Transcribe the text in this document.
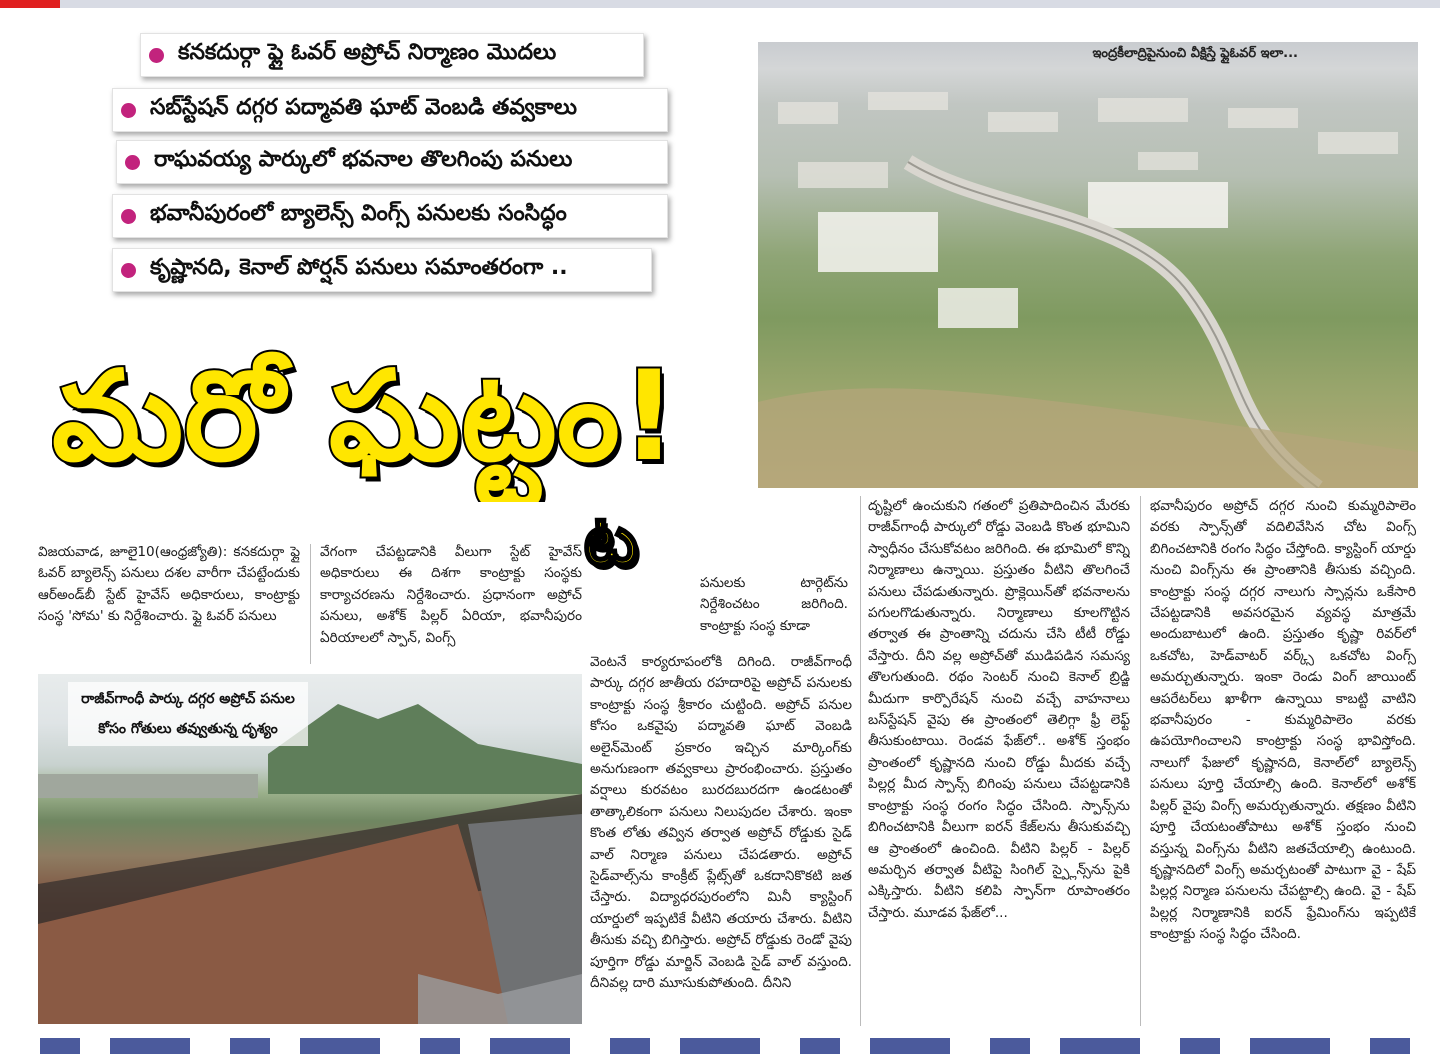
కనకదుర్గా ఫ్లై ఓవర్ అప్రోచ్ నిర్మాణం మొదలు
సబ్‌స్టేషన్ దగ్గర పద్మావతి ఘాట్ వెంబడి తవ్వకాలు
రాఘవయ్య పార్కులో భవనాల తొలగింపు పనులు
భవానీపురంలో బ్యాలెన్స్ వింగ్స్ పనులకు సంసిద్ధం
కృష్ణానది, కెనాల్ పోర్షన్ పనులు సమాంతరంగా ..
ఇంద్రకీలాద్రిపైనుంచి వీక్షిస్తే ఫ్లైఓవర్ ఇలా...
మరో ఘట్టం!
ట

విజయవాడ, జూలై10(ఆంధ్రజ్యోతి): కనకదుర్గా ఫ్లై ఓవర్ బ్యాలెన్స్ పనులు దశల వారీగా చేపట్టేందుకు ఆర్‌అండ్‌బీ స్టేట్ హైవేస్ అధికారులు, కాంట్రాక్టు సంస్థ 'సోమ' కు నిర్దేశించారు. ఫ్లై ఓవర్ పనులు

వేగంగా చేపట్టడానికి వీలుగా స్టేట్ హైవేస్ అధికారులు ఈ దిశగా కాంట్రాక్టు సంస్థకు కార్యాచరణను నిర్దేశించారు. ప్రధానంగా అప్రోచ్ పనులు, అశోక్ పిల్లర్ ఏరియా, భవానీపురం ఏరియాలలో స్పాన్, వింగ్స్

రాజీవ్‌గాంధీ పార్కు దగ్గర అప్రోచ్ పనుల కోసం గోతులు తవ్వుతున్న దృశ్యం

పనులకు టార్గెట్‌ను నిర్దేశించటం జరిగింది. కాంట్రాక్టు సంస్థ కూడా

వెంటనే కార్యరూపంలోకి దిగింది. రాజీవ్‌గాంధీ పార్కు దగ్గర జాతీయ రహదారిపై అప్రోచ్ పనులకు కాంట్రాక్టు సంస్థ శ్రీకారం చుట్టింది. అప్రోచ్ పనుల కోసం ఒకవైపు పద్మావతి ఘాట్ వెంబడి అలైన్‌మెంట్ ప్రకారం ఇచ్చిన మార్కింగ్‌కు అనుగుణంగా తవ్వకాలు ప్రారంభించారు. ప్రస్తుతం వర్షాలు కురవటం బురదబురదగా ఉండటంతో తాత్కాలికంగా పనులు నిలుపుదల చేశారు. ఇంకా కొంత లోతు తవ్విన తర్వాత అప్రోచ్ రోడ్డుకు సైడ్ వాల్ నిర్మాణ పనులు చేపడతారు. అప్రోచ్ సైడ్‌వాల్స్‌ను కాంక్రీట్ ప్లేట్స్‌తో ఒకదానికొకటి జత చేస్తారు. విద్యాధరపురంలోని మినీ క్యాస్టింగ్ యార్డులో ఇప్పటికే వీటిని తయారు చేశారు. వీటిని తీసుకు వచ్చి బిగిస్తారు. అప్రోచ్ రోడ్డుకు రెండో వైపు పూర్తిగా రోడ్డు మార్జిన్ వెంబడి సైడ్ వాల్ వస్తుంది. దీనివల్ల దారి మూసుకుపోతుంది. దీనిని

దృష్టిలో ఉంచుకుని గతంలో ప్రతిపాదించిన మేరకు రాజీవ్‌గాంధీ పార్కులో రోడ్డు వెంబడి కొంత భూమిని స్వాధీనం చేసుకోవటం జరిగింది. ఈ భూమిలో కొన్ని నిర్మాణాలు ఉన్నాయి. ప్రస్తుతం వీటిని తొలగించే పనులు చేపడుతున్నారు. ప్రొక్లెయిన్‌తో భవనాలను పగులగొడుతున్నారు. నిర్మాణాలు కూలగొట్టిన తర్వాత ఈ ప్రాంతాన్ని చదును చేసి టీటీ రోడ్డు వేస్తారు. దీని వల్ల అప్రోచ్‌తో ముడిపడిన సమస్య తొలగుతుంది. రథం సెంటర్ నుంచి కెనాల్ బ్రిడ్జి మీదుగా కార్పొరేషన్ నుంచి వచ్చే వాహనాలు బస్‌స్టేషన్ వైపు ఈ ప్రాంతంలో తెలిగ్గా ఫ్రీ లెఫ్ట్ తీసుకుంటాయి. రెండవ ఫేజ్‌లో.. అశోక్ స్తంభం ప్రాంతంలో కృష్ణానది నుంచి రోడ్డు మీదకు వచ్చే పిల్లర్ల మీద స్పాన్స్ బిగింపు పనులు చేపట్టడానికి కాంట్రాక్టు సంస్థ రంగం సిద్ధం చేసింది. స్పాన్స్‌ను బిగించటానికి వీలుగా ఐరన్ కేజ్‌లను తీసుకువచ్చి ఆ ప్రాంతంలో ఉంచింది. వీటిని పిల్లర్ - పిల్లర్ అమర్చిన తర్వాత వీటిపై సింగిల్ స్ప్లైన్స్‌ను పైకి ఎక్కిస్తారు. వీటిని కలిపి స్పాన్‌గా రూపాంతరం చేస్తారు. మూడవ ఫేజ్‌లో...

భవానీపురం అప్రోచ్ దగ్గర నుంచి కుమ్మరిపాలెం వరకు స్పాన్స్‌తో వదిలివేసిన చోట వింగ్స్ బిగించటానికి రంగం సిద్ధం చేస్తోంది. క్యాస్టింగ్ యార్డు నుంచి వింగ్స్‌ను ఈ ప్రాంతానికి తీసుకు వచ్చింది. కాంట్రాక్టు సంస్థ దగ్గర నాలుగు స్పాన్లను ఒకేసారి చేపట్టడానికి అవసరమైన వ్యవస్థ మాత్రమే అందుబాటులో ఉంది. ప్రస్తుతం కృష్ణా రివర్‌లో ఒకచోట, హెడ్‌వాటర్ వర్క్స్ ఒకచోట వింగ్స్ అమర్చుతున్నారు. ఇంకా రెండు వింగ్ జాయింట్ ఆపరేటర్‌లు ఖాళీగా ఉన్నాయి కాబట్టి వాటిని భవానీపురం - కుమ్మరిపాలెం వరకు ఉపయోగించాలని కాంట్రాక్టు సంస్థ భావిస్తోంది. నాలుగో ఫేజులో కృష్ణానది, కెనాల్‌లో బ్యాలెన్స్ పనులు పూర్తి చేయాల్సి ఉంది. కెనాల్‌లో అశోక్ పిల్లర్ వైపు వింగ్స్ అమర్చుతున్నారు. తక్షణం వీటిని పూర్తి చేయటంతోపాటు అశోక్ స్తంభం నుంచి వస్తున్న వింగ్స్‌ను వీటిని జతచేయాల్సి ఉంటుంది. కృష్ణానదిలో వింగ్స్ అమర్చటంతో పాటుగా వై - షేప్ పిల్లర్ల నిర్మాణ పనులను చేపట్టాల్సి ఉంది. వై - షేప్ పిల్లర్ల నిర్మాణానికి ఐరన్ ఫ్రేమింగ్‌ను ఇప్పటికే కాంట్రాక్టు సంస్థ సిద్ధం చేసింది.
